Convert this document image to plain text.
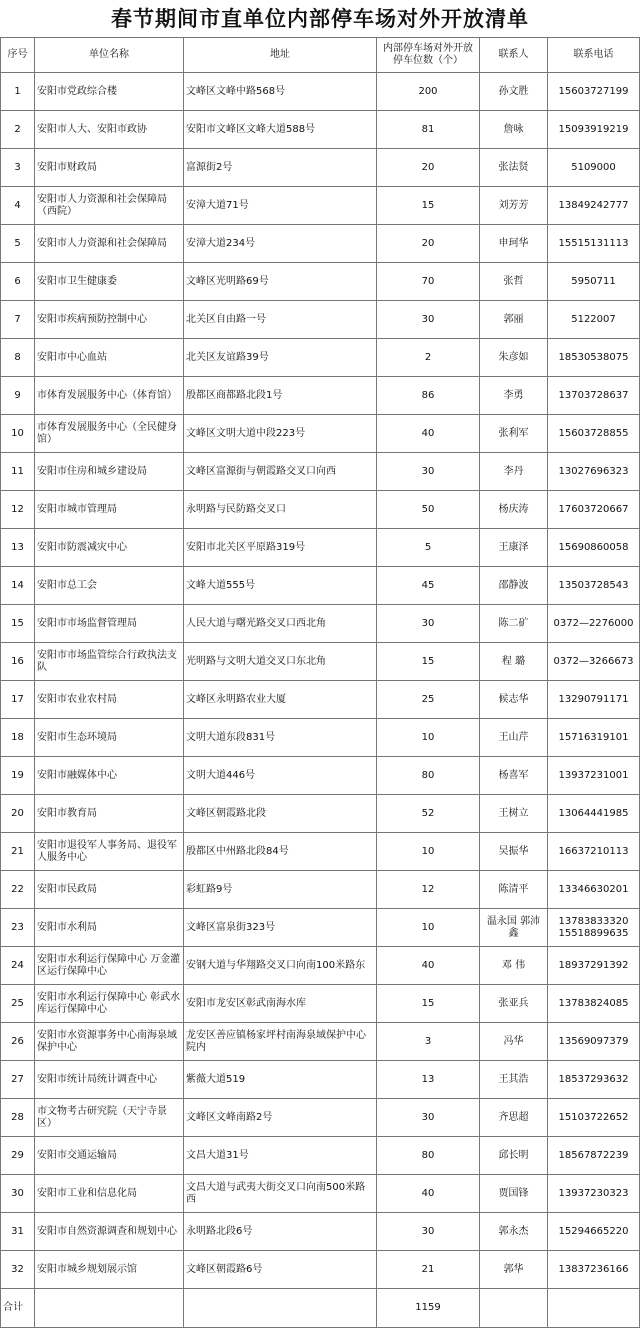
春节期间市直单位内部停车场对外开放清单
序号	单位名称	地址	内部停车场对外开放停车位数（个）	联系人	联系电话
1	安阳市党政综合楼	文峰区文峰中路568号	200	孙文胜	15603727199

2	安阳市人大、安阳市政协	安阳市文峰区文峰大道588号	81	詹咏	15093919219

3	安阳市财政局	富源街2号	20	张法贤	5109000

4	安阳市人力资源和社会保障局（西院）	安漳大道71号	15	刘芳芳	13849242777

5	安阳市人力资源和社会保障局	安漳大道234号	20	申珂华	15515131113

6	安阳市卫生健康委	文峰区光明路69号	70	张哲	5950711

7	安阳市疾病预防控制中心	北关区自由路一号	30	郭丽	5122007

8	安阳市中心血站	北关区友谊路39号	2	朱彦如	18530538075

9	市体育发展服务中心（体育馆）	殷都区商都路北段1号	86	李勇	13703728637

10	市体育发展服务中心（全民健身馆）	文峰区文明大道中段223号	40	张利军	15603728855

11	安阳市住房和城乡建设局	文峰区富源街与朝霞路交叉口向西	30	李丹	13027696323

12	安阳市城市管理局	永明路与民防路交叉口	50	杨庆涛	17603720667

13	安阳市防震减灾中心	安阳市北关区平原路319号	5	王康泽	15690860058

14	安阳市总工会	文峰大道555号	45	邵静波	13503728543

15	安阳市市场监督管理局	人民大道与曙光路交叉口西北角	30	陈二矿	0372—2276000

16	安阳市市场监管综合行政执法支队	光明路与文明大道交叉口东北角	15	程 璐	0372—3266673

17	安阳市农业农村局	文峰区永明路农业大厦	25	候志华	13290791171

18	安阳市生态环境局	文明大道东段831号	10	王山芹	15716319101

19	安阳市融媒体中心	文明大道446号	80	杨喜军	13937231001

20	安阳市教育局	文峰区朝霞路北段	52	王树立	13064441985

21	安阳市退役军人事务局、退役军人服务中心	殷都区中州路北段84号	10	吴振华	16637210113

22	安阳市民政局	彩虹路9号	12	陈清平	13346630201

23	安阳市水利局	文峰区富泉街323号	10	温永国 郭沛鑫	13783833320
15518899635

24	安阳市水利运行保障中心 万金灌区运行保障中心	安钢大道与华翔路交叉口向南100米路东	40	邓 伟	18937291392

25	安阳市水利运行保障中心 彰武水库运行保障中心	安阳市龙安区彰武南海水库	15	张亚兵	13783824085

26	安阳市水资源事务中心南海泉域保护中心	龙安区善应镇杨家坪村南海泉域保护中心院内	3	冯华	13569097379

27	安阳市统计局统计调查中心	紫薇大道519	13	王其浩	18537293632

28	市文物考古研究院（天宁寺景区）	文峰区文峰南路2号	30	齐思超	15103722652

29	安阳市交通运输局	文昌大道31号	80	邱长明	18567872239

30	安阳市工业和信息化局	文昌大道与武夷大街交叉口向南500米路西	40	贾国锋	13937230323

31	安阳市自然资源调查和规划中心	永明路北段6号	30	郭永杰	15294665220

32	安阳市城乡规划展示馆	文峰区朝霞路6号	21	郭华	13837236166

合计			1159		
